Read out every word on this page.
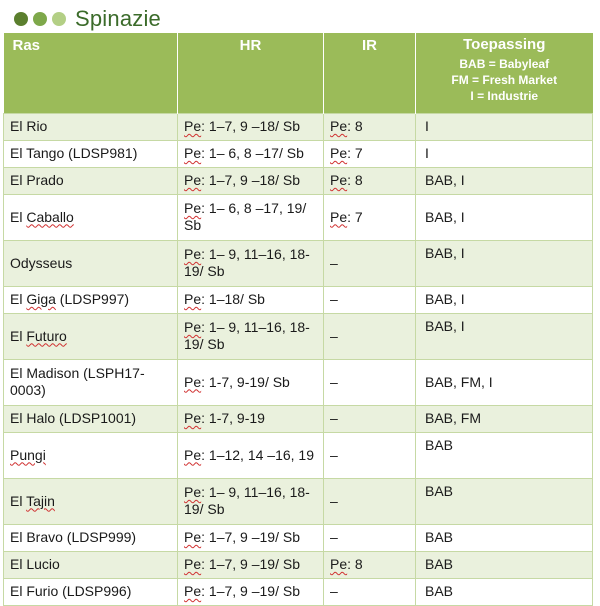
Spinazie
Ras	HR	IR	Toepassing
BAB = Babyleaf
FM = Fresh Market
I = Industrie

El Rio	Pe: 1–7, 9 –18/ Sb	Pe: 8	I
El Tango (LDSP981)	Pe: 1– 6, 8 –17/ Sb	Pe: 7	I
El Prado	Pe: 1–7, 9 –18/ Sb	Pe: 8	BAB, I
El Caballo	Pe: 1– 6, 8 –17, 19/ Sb	Pe: 7	BAB, I
Odysseus	Pe: 1– 9, 11–16, 18-19/ Sb	–	BAB, I
El Giga (LDSP997)	Pe: 1–18/ Sb	–	BAB, I
El Futuro	Pe: 1– 9, 11–16, 18-19/ Sb	–	BAB, I
El Madison (LSPH17-0003)	Pe: 1-7, 9-19/ Sb	–	BAB, FM, I
El Halo (LDSP1001)	Pe: 1-7, 9-19	–	BAB, FM
Pungi	Pe: 1–12, 14 –16, 19	–	BAB
El Tajin	Pe: 1– 9, 11–16, 18-19/ Sb	–	BAB
El Bravo (LDSP999)	Pe: 1–7, 9 –19/ Sb	–	BAB
El Lucio	Pe: 1–7, 9 –19/ Sb	Pe: 8	BAB
El Furio (LDSP996)	Pe: 1–7, 9 –19/ Sb	–	BAB
